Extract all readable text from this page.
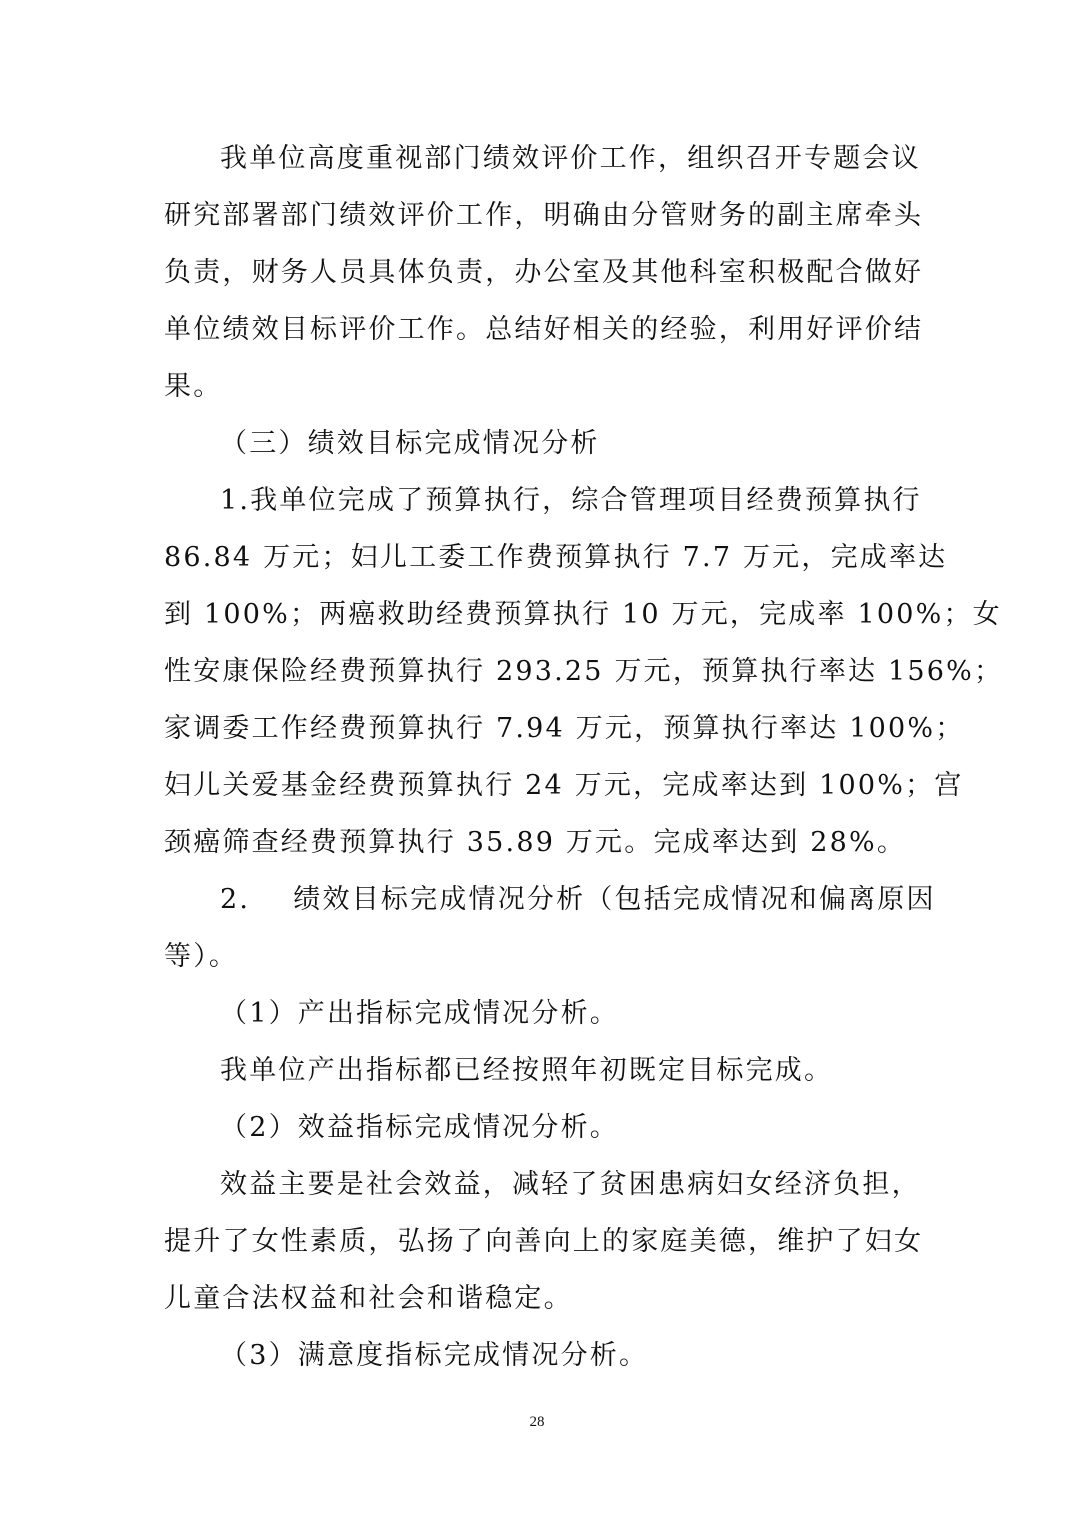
我单位高度重视部门绩效评价工作，组织召开专题会议
研究部署部门绩效评价工作，明确由分管财务的副主席牵头
负责，财务人员具体负责，办公室及其他科室积极配合做好
单位绩效目标评价工作。总结好相关的经验，利用好评价结
果。
（三）绩效目标完成情况分析
1.我单位完成了预算执行，综合管理项目经费预算执行
86.84 万元；妇儿工委工作费预算执行 7.7 万元，完成率达
到 100%；两癌救助经费预算执行 10 万元，完成率 100%；女
性安康保险经费预算执行 293.25 万元，预算执行率达 156%；
家调委工作经费预算执行 7.94 万元，预算执行率达 100%；
妇儿关爱基金经费预算执行 24 万元，完成率达到 100%；宫
颈癌筛查经费预算执行 35.89 万元。完成率达到 28%。
2.    绩效目标完成情况分析（包括完成情况和偏离原因
等）。
（1）产出指标完成情况分析。
我单位产出指标都已经按照年初既定目标完成。
（2）效益指标完成情况分析。
效益主要是社会效益，减轻了贫困患病妇女经济负担，
提升了女性素质，弘扬了向善向上的家庭美德，维护了妇女
儿童合法权益和社会和谐稳定。
（3）满意度指标完成情况分析。
28
